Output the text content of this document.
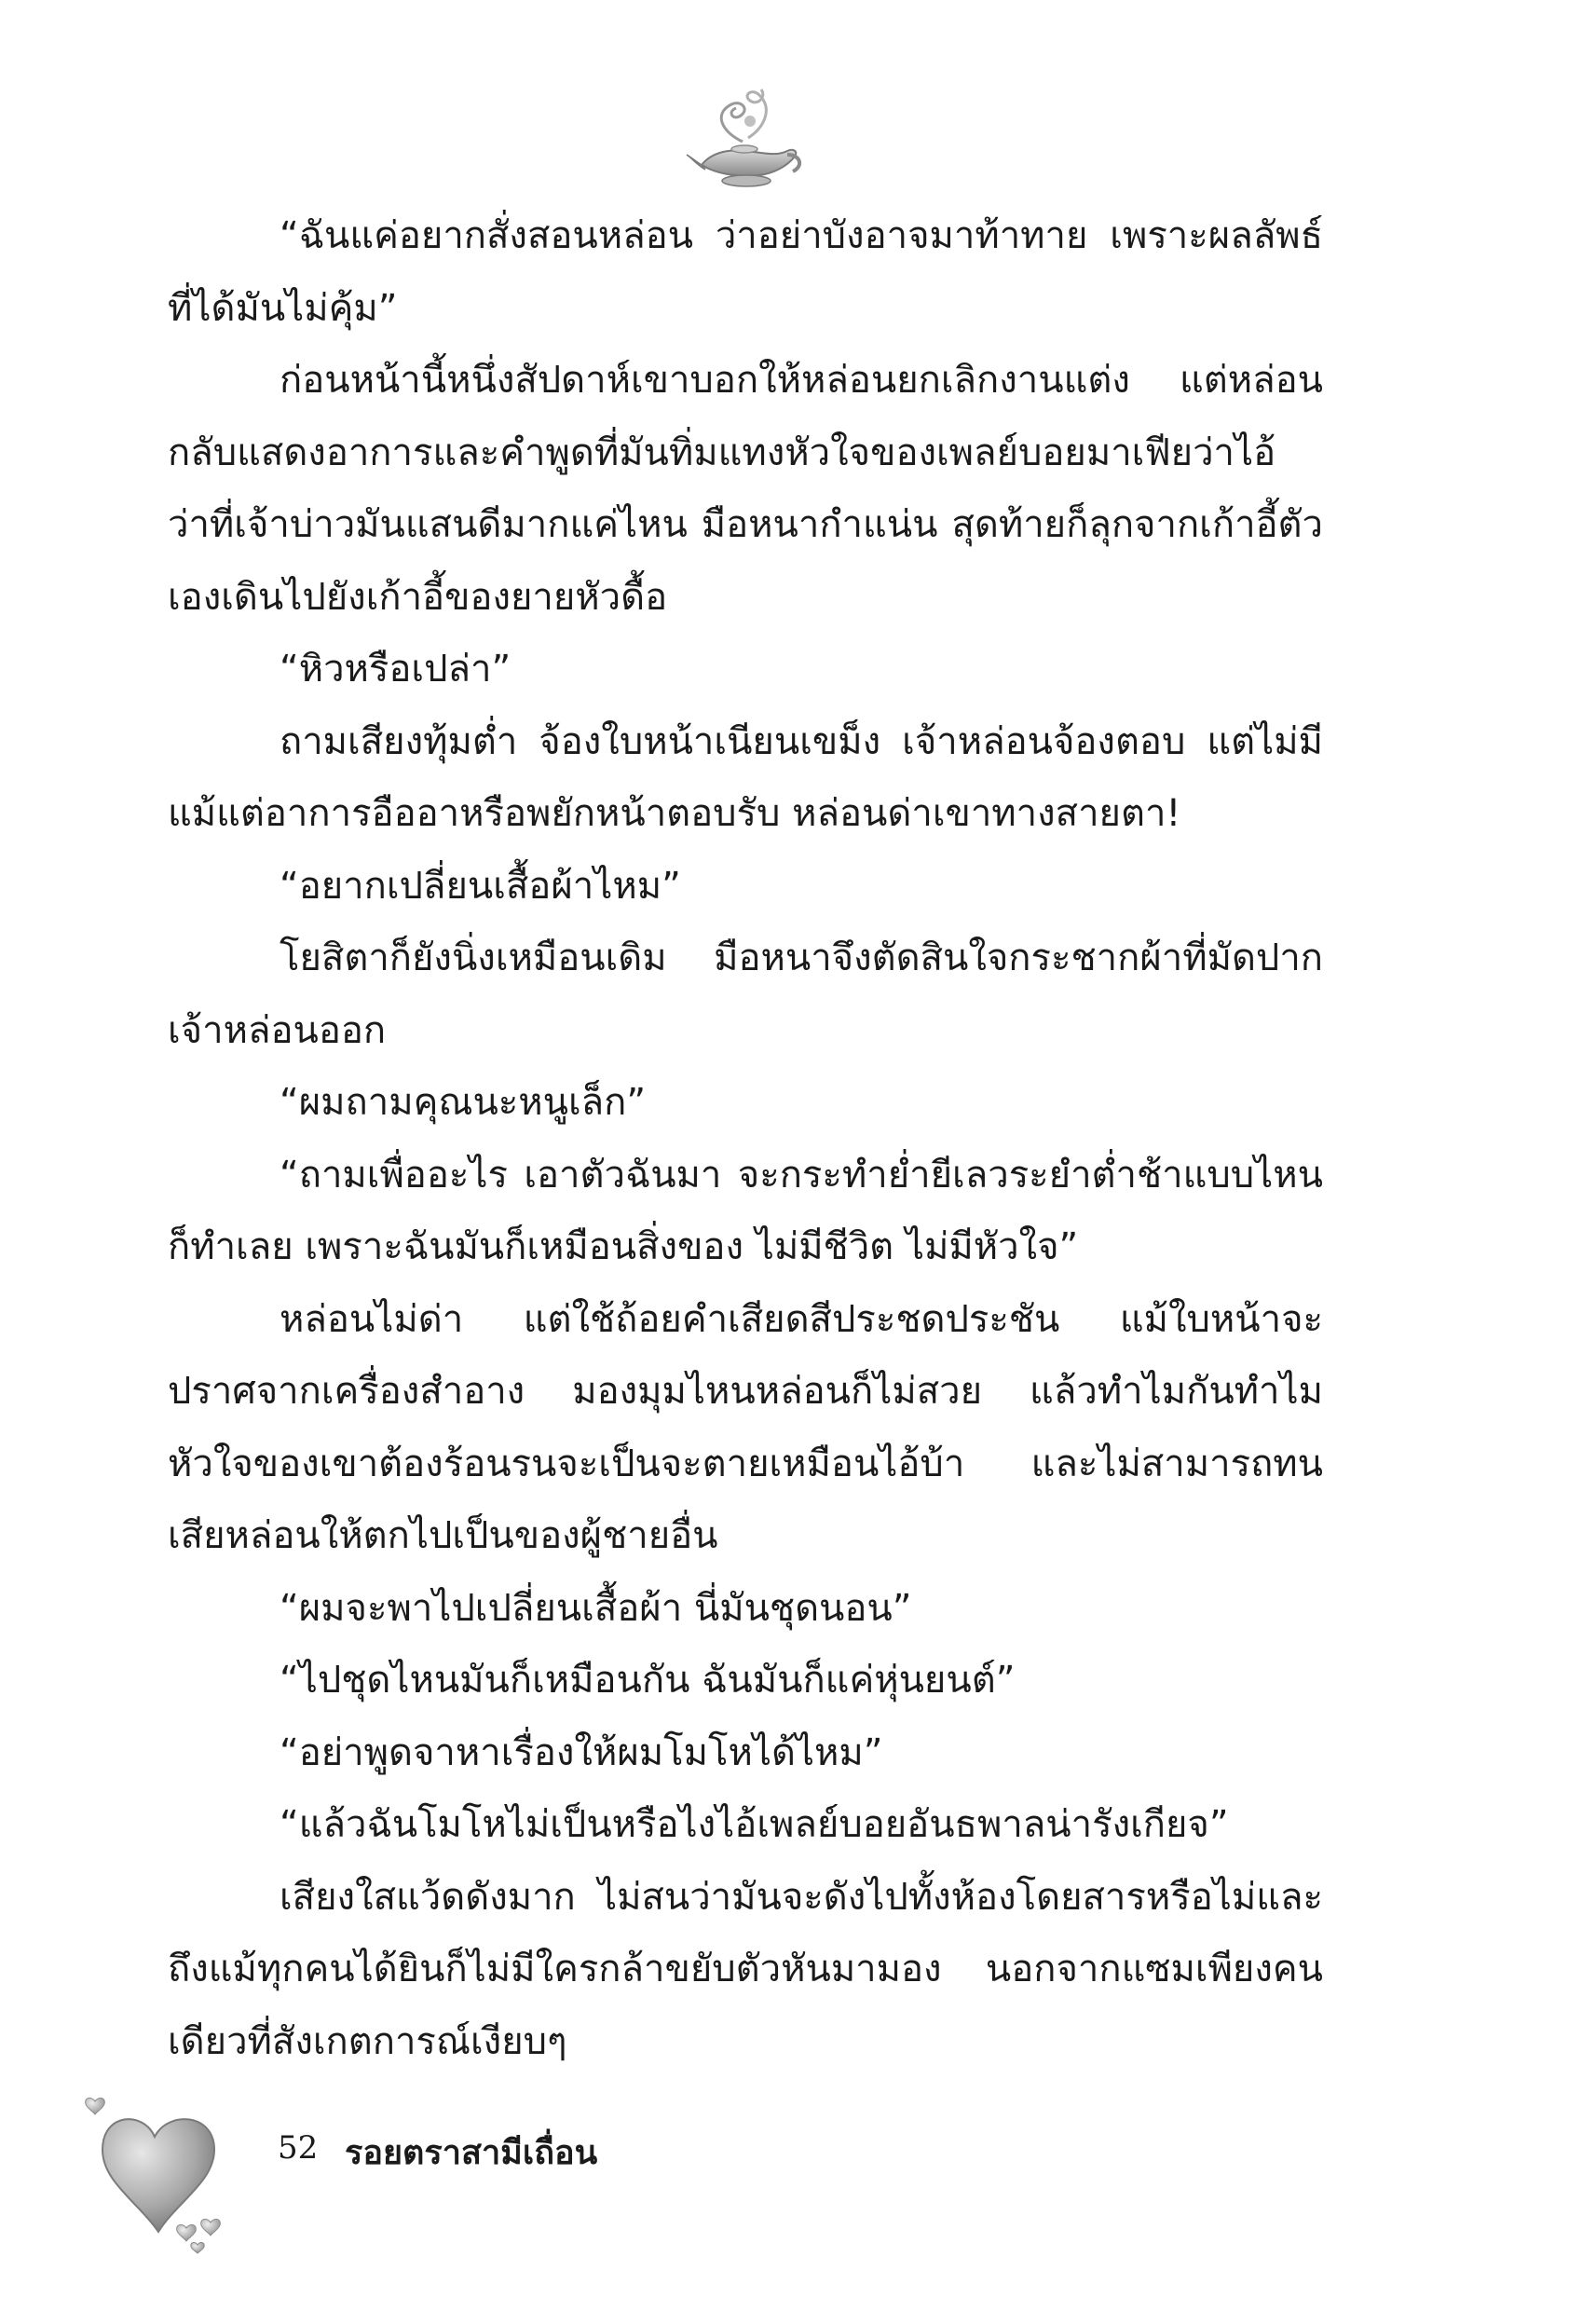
“ฉันแค่อยากสั่งสอนหล่อน ว่าอย่าบังอาจมาท้าทาย เพราะผลลัพธ์ที่ได้มันไม่คุ้ม”

ก่อนหน้านี้หนึ่งสัปดาห์เขาบอกให้หล่อนยกเลิกงานแต่ง แต่หล่อนกลับแสดงอาการและคำพูดที่มันทิ่มแทงหัวใจของเพลย์บอยมาเฟียว่าไอ้ว่าที่เจ้าบ่าวมันแสนดีมากแค่ไหน มือหนากำแน่น สุดท้ายก็ลุกจากเก้าอี้ตัวเองเดินไปยังเก้าอี้ของยายหัวดื้อ

“หิวหรือเปล่า”

ถามเสียงทุ้มต่ำ จ้องใบหน้าเนียนเขม็ง เจ้าหล่อนจ้องตอบ แต่ไม่มีแม้แต่อาการอืออาหรือพยักหน้าตอบรับ หล่อนด่าเขาทางสายตา!

“อยากเปลี่ยนเสื้อผ้าไหม”

โยสิตาก็ยังนิ่งเหมือนเดิม มือหนาจึงตัดสินใจกระชากผ้าที่มัดปากเจ้าหล่อนออก

“ผมถามคุณนะหนูเล็ก”

“ถามเพื่ออะไร เอาตัวฉันมา จะกระทำย่ำยีเลวระยำต่ำช้าแบบไหนก็ทำเลย เพราะฉันมันก็เหมือนสิ่งของ ไม่มีชีวิต ไม่มีหัวใจ”

หล่อนไม่ด่า แต่ใช้ถ้อยคำเสียดสีประชดประชัน แม้ใบหน้าจะปราศจากเครื่องสำอาง มองมุมไหนหล่อนก็ไม่สวย แล้วทำไมกันทำไมหัวใจของเขาต้องร้อนรนจะเป็นจะตายเหมือนไอ้บ้า และไม่สามารถทนเสียหล่อนให้ตกไปเป็นของผู้ชายอื่น

“ผมจะพาไปเปลี่ยนเสื้อผ้า นี่มันชุดนอน”

“ไปชุดไหนมันก็เหมือนกัน ฉันมันก็แค่หุ่นยนต์”

“อย่าพูดจาหาเรื่องให้ผมโมโหได้ไหม”

“แล้วฉันโมโหไม่เป็นหรือไงไอ้เพลย์บอยอันธพาลน่ารังเกียจ”

เสียงใสแว้ดดังมาก ไม่สนว่ามันจะดังไปทั้งห้องโดยสารหรือไม่และถึงแม้ทุกคนได้ยินก็ไม่มีใครกล้าขยับตัวหันมามอง นอกจากแซมเพียงคนเดียวที่สังเกตการณ์เงียบๆ

52 รอยตราสามีเถื่อน
